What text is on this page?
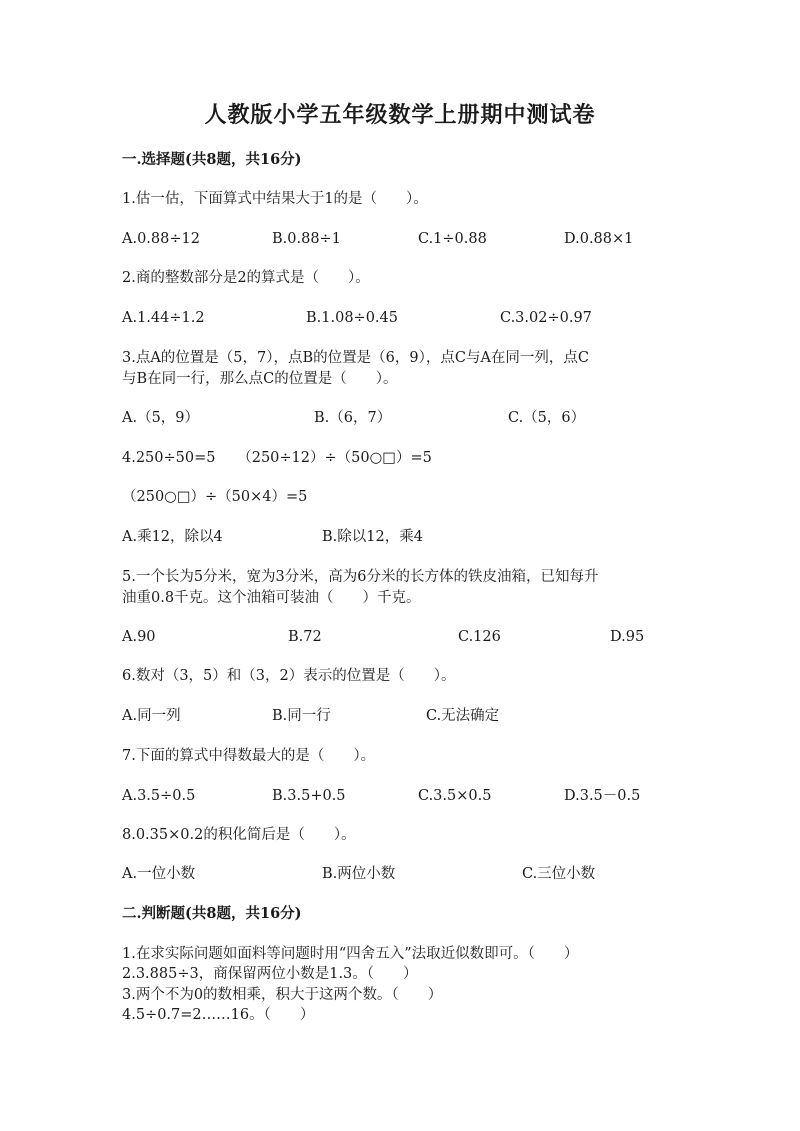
人教版小学五年级数学上册期中测试卷
一.选择题(共8题，共16分)
1.估一估，下面算式中结果大于1的是（　　）。
A.0.88÷12	B.0.88÷1	C.1÷0.88	D.0.88×1
2.商的整数部分是2的算式是（　　）。
A.1.44÷1.2	B.1.08÷0.45	C.3.02÷0.97
3.点A的位置是（5，7），点B的位置是（6，9），点C与A在同一列，点C
与B在同一行，那么点C的位置是（　　）。
A.（5，9）	B.（6，7）	C.（5，6）
4.250÷50=5　　（250÷12）÷（50○□）=5
（250○□）÷（50×4）=5
A.乘12，除以4	B.除以12，乘4
5.一个长为5分米，宽为3分米，高为6分米的长方体的铁皮油箱，已知每升
油重0.8千克。这个油箱可装油（　　）千克。
A.90	B.72	C.126	D.95
6.数对（3，5）和（3，2）表示的位置是（　　）。
A.同一列	B.同一行	C.无法确定
7.下面的算式中得数最大的是（　　）。
A.3.5÷0.5	B.3.5+0.5	C.3.5×0.5	D.3.5－0.5
8.0.35×0.2的积化简后是（　　）。
A.一位小数	B.两位小数	C.三位小数
二.判断题(共8题，共16分)
1.在求实际问题如面料等问题时用“四舍五入”法取近似数即可。（　　）
2.3.885÷3，商保留两位小数是1.3。（　　）
3.两个不为0的数相乘，积大于这两个数。（　　）
4.5÷0.7=2……16。（　　）
